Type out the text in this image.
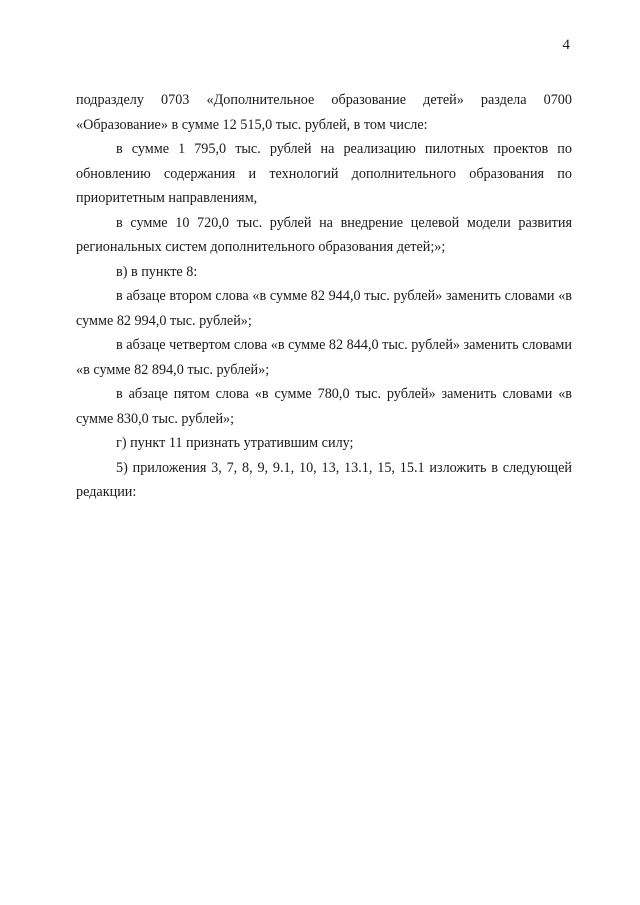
4

подразделу 0703 «Дополнительное образование детей» раздела 0700 «Образование» в сумме 12 515,0 тыс. рублей, в том числе:

в сумме 1 795,0 тыс. рублей на реализацию пилотных проектов по обновлению содержания и технологий дополнительного образования по приоритетным направлениям,

в сумме 10 720,0 тыс. рублей на внедрение целевой модели развития региональных систем дополнительного образования детей;»;

в) в пункте 8:

в абзаце втором слова «в сумме 82 944,0 тыс. рублей» заменить словами «в сумме 82 994,0 тыс. рублей»;

в абзаце четвертом слова «в сумме 82 844,0 тыс. рублей» заменить словами «в сумме 82 894,0 тыс. рублей»;

в абзаце пятом слова «в сумме 780,0 тыс. рублей» заменить словами «в сумме 830,0 тыс. рублей»;

г) пункт 11 признать утратившим силу;

5) приложения 3, 7, 8, 9, 9.1, 10, 13, 13.1, 15, 15.1 изложить в следующей редакции:
